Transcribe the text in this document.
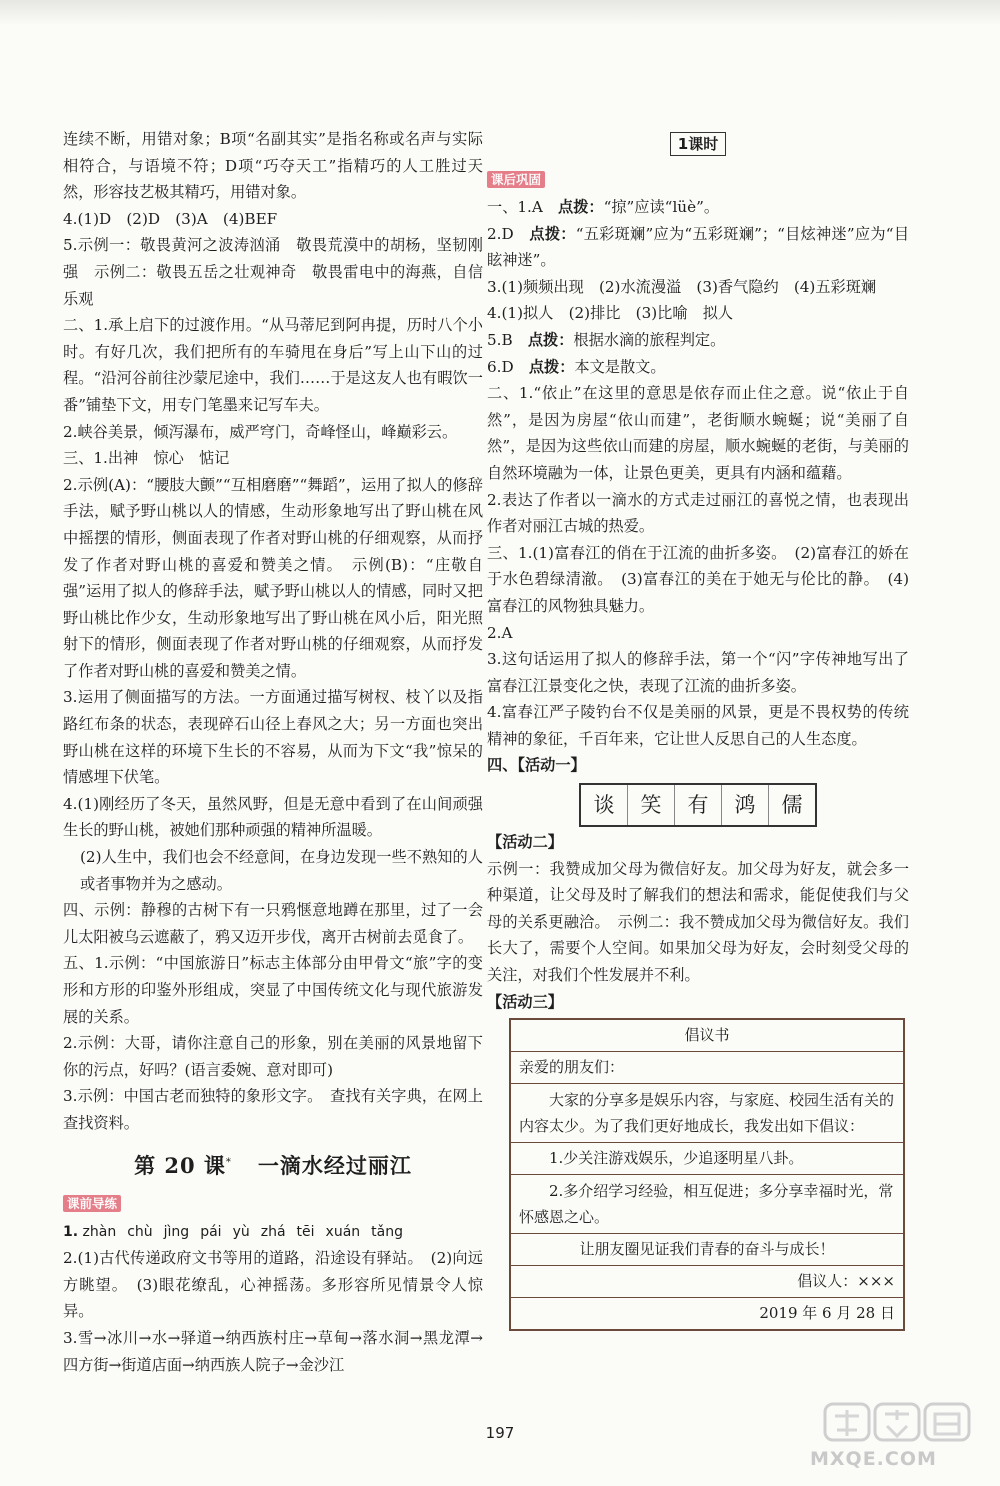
连续不断，用错对象；B项“名副其实”是指名称或名声与实际相符合，与语境不符；D项“巧夺天工”指精巧的人工胜过天然，形容技艺极其精巧，用错对象。

4.(1)D　(2)D　(3)A　(4)BEF

5.示例一：敬畏黄河之波涛汹涌　敬畏荒漠中的胡杨，坚韧刚强　示例二：敬畏五岳之壮观神奇　敬畏雷电中的海燕，自信乐观

二、1.承上启下的过渡作用。“从马蒂尼到阿冉提，历时八个小时。有好几次，我们把所有的车骑甩在身后”写上山下山的过程。“沿河谷前往沙蒙尼途中，我们……于是这友人也有暇饮一番”铺垫下文，用专门笔墨来记写车夫。

2.峡谷美景，倾泻瀑布，威严穹门，奇峰怪山，峰巅彩云。

三、1.出神　惊心　惦记

2.示例(A)：“腰肢大颤”“互相磨磨”“舞蹈”，运用了拟人的修辞手法，赋予野山桃以人的情感，生动形象地写出了野山桃在风中摇摆的情形，侧面表现了作者对野山桃的仔细观察，从而抒发了作者对野山桃的喜爱和赞美之情。　示例(B)：“庄敬自强”运用了拟人的修辞手法，赋予野山桃以人的情感，同时又把野山桃比作少女，生动形象地写出了野山桃在风小后，阳光照射下的情形，侧面表现了作者对野山桃的仔细观察，从而抒发了作者对野山桃的喜爱和赞美之情。

3.运用了侧面描写的方法。一方面通过描写树杈、枝丫以及指路红布条的状态，表现碎石山径上春风之大；另一方面也突出野山桃在这样的环境下生长的不容易，从而为下文“我”惊呆的情感埋下伏笔。

4.(1)刚经历了冬天，虽然风野，但是无意中看到了在山间顽强生长的野山桃，被她们那种顽强的精神所温暖。

(2)人生中，我们也会不经意间，在身边发现一些不熟知的人或者事物并为之感动。

四、示例：静穆的古树下有一只鸦惬意地蹲在那里，过了一会儿太阳被乌云遮蔽了，鸦又迈开步伐，离开古树前去觅食了。

五、1.示例：“中国旅游日”标志主体部分由甲骨文“旅”字的变形和方形的印鉴外形组成，突显了中国传统文化与现代旅游发展的关系。

2.示例：大哥，请你注意自己的形象，别在美丽的风景地留下你的污点，好吗？(语言委婉、意对即可)

3.示例：中国古老而独特的象形文字。　查找有关字典，在网上查找资料。

第 20 课* 一滴水经过丽江
课前导练

1. zhàn chù jìng pái yù zhá tēi xuán tǎng

2.(1)古代传递政府文书等用的道路，沿途设有驿站。　(2)向远方眺望。　(3)眼花缭乱，心神摇荡。多形容所见情景令人惊异。

3.雪→冰川→水→驿道→纳西族村庄→草甸→落水洞→黑龙潭→四方街→街道店面→纳西族人院子→金沙江

1课时
课后巩固

一、1.A　点拨：“掠”应读“lüè”。

2.D　点拨：“五彩斑斓”应为“五彩斑斓”；“目炫神迷”应为“目眩神迷”。

3.(1)频频出现　(2)水流漫溢　(3)香气隐约　(4)五彩斑斓

4.(1)拟人　(2)排比　(3)比喻　拟人

5.B　点拨：根据水滴的旅程判定。

6.D　点拨：本文是散文。

二、1.“依止”在这里的意思是依存而止住之意。说“依止于自然”，是因为房屋“依山而建”，老街顺水蜿蜒；说“美丽了自然”，是因为这些依山而建的房屋，顺水蜿蜒的老街，与美丽的自然环境融为一体，让景色更美，更具有内涵和蕴藉。

2.表达了作者以一滴水的方式走过丽江的喜悦之情，也表现出作者对丽江古城的热爱。

三、1.(1)富春江的俏在于江流的曲折多姿。　(2)富春江的娇在于水色碧绿清澈。　(3)富春江的美在于她无与伦比的静。　(4)富春江的风物独具魅力。

2.A

3.这句话运用了拟人的修辞手法，第一个“闪”字传神地写出了富春江江景变化之快，表现了江流的曲折多姿。

4.富春江严子陵钓台不仅是美丽的风景，更是不畏权势的传统精神的象征，千百年来，它让世人反思自己的人生态度。

四、【活动一】

谈	笑	有	鸿	儒

【活动二】

示例一：我赞成加父母为微信好友。加父母为好友，就会多一种渠道，让父母及时了解我们的想法和需求，能促使我们与父母的关系更融洽。　示例二：我不赞成加父母为微信好友。我们长大了，需要个人空间。如果加父母为好友，会时刻受父母的关注，对我们个性发展并不利。

【活动三】

倡议书
亲爱的朋友们：
大家的分享多是娱乐内容，与家庭、校园生活有关的内容太少。为了我们更好地成长，我发出如下倡议：
1.少关注游戏娱乐，少追逐明星八卦。
2.多介绍学习经验，相互促进；多分享幸福时光，常怀感恩之心。
让朋友圈见证我们青春的奋斗与成长！
倡议人：×××
2019 年 6 月 28 日
197
MXQE.COM
